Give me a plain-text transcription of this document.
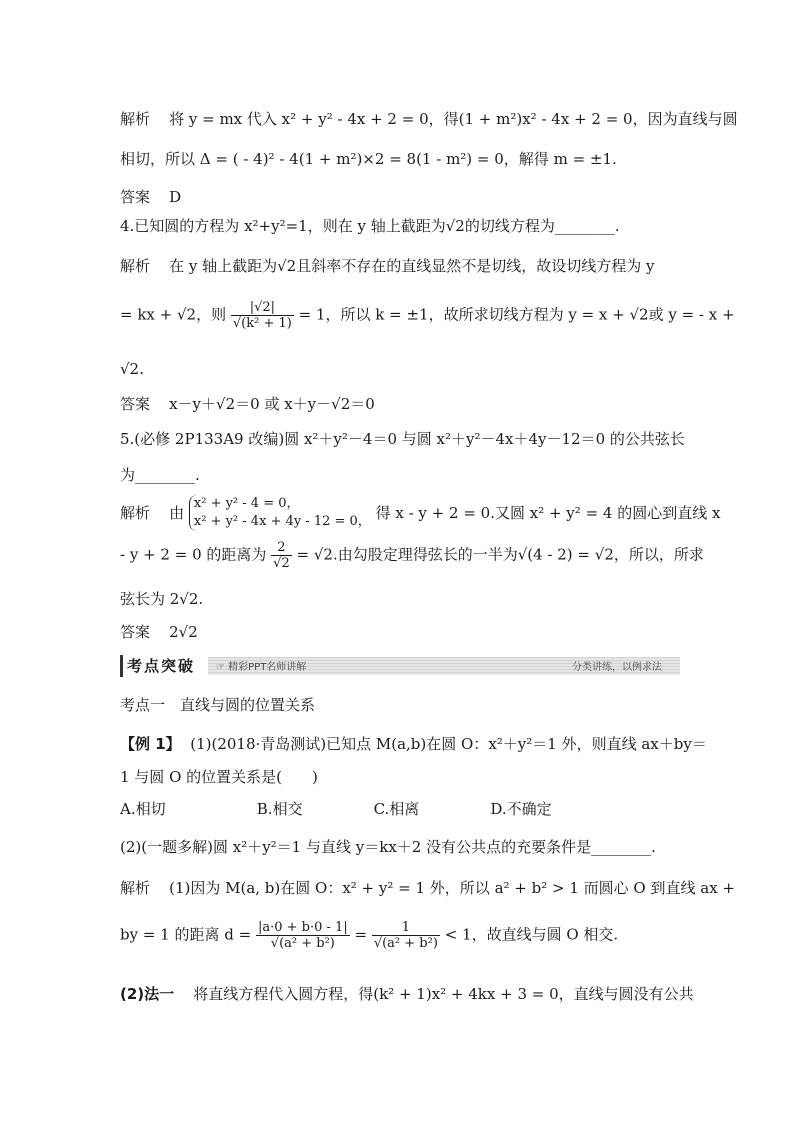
解析 将 y = mx 代入 x² + y² - 4x + 2 = 0，得(1 + m²)x² - 4x + 2 = 0，因为直线与圆
相切，所以 Δ = ( - 4)² - 4(1 + m²)×2 = 8(1 - m²) = 0，解得 m = ±1.
答案 D
4.已知圆的方程为 x²+y²=1，则在 y 轴上截距为√2的切线方程为________.
解析 在 y 轴上截距为√2且斜率不存在的直线显然不是切线，故设切线方程为 y
= kx + √2，则 $\frac{|√2|}{\text{√(k² + 1)}} = 1$，所以 k = ±1，故所求切线方程为 y = x + √2或 y = - x +
√2.
答案 x－y＋√2＝0 或 x＋y－√2＝0
5.(必修 2P133A9 改编)圆 x²＋y²－4＝0 与圆 x²＋y²－4x＋4y－12＝0 的公共弦长
为________.
解析 由
x² + y² - 4 = 0，
x² + y² - 4x + 4y - 12 = 0， 得 x - y + 2 = 0.又圆 x² + y² = 4 的圆心到直线 x
- y + 2 = 0 的距离为 $\frac{2}{√2} = √2$.由勾股定理得弦长的一半为√(4 - 2) = √2，所以，所求
弦长为 2√2.
答案 2√2
考点突破	☞ 精彩PPT名师讲解	分类讲练，以例求法
考点一　直线与圆的位置关系
【例 1】 (1)(2018·青岛测试)已知点 M(a,b)在圆 O：x²＋y²＝1 外，则直线 ax＋by＝
1 与圆 O 的位置关系是(　　)
A.相切	B.相交	C.相离	D.不确定
(2)(一题多解)圆 x²＋y²＝1 与直线 y＝kx＋2 没有公共点的充要条件是________.
解析 (1)因为 M(a, b)在圆 O：x² + y² = 1 外，所以 a² + b² > 1 而圆心 O 到直线 ax +
by = 1 的距离 $d = \frac{|a\cdot 0 + b\cdot 0 - 1|}{\text{√(a² + b²)}} = \frac{1}{\text{√(a² + b²)}} < 1$，故直线与圆 O 相交.
(2)法一 将直线方程代入圆方程，得(k² + 1)x² + 4kx + 3 = 0，直线与圆没有公共
